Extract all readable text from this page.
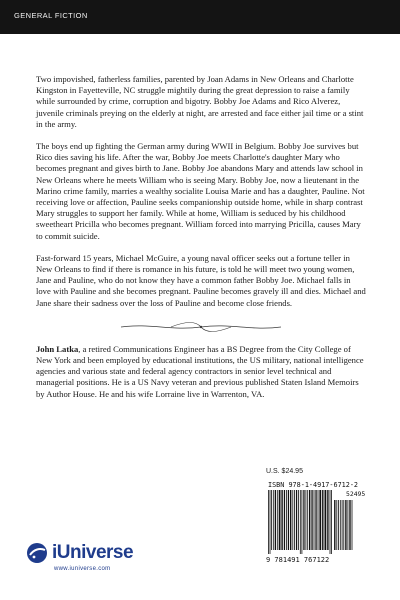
GENERAL FICTION

Two impovished, fatherless families, parented by Joan Adams in New Orleans and Charlotte Kingston in Fayetteville, NC struggle mightily during the great depression to raise a family while surrounded by crime, corruption and bigotry. Bobby Joe Adams and Rico Alverez, juvenile criminals preying on the elderly at night, are arrested and face either jail time or a stint in the army.

The boys end up fighting the German army during WWII in Belgium. Bobby Joe survives but Rico dies saving his life. After the war, Bobby Joe meets Charlotte's daughter Mary who becomes pregnant and gives birth to Jane. Bobby Joe abandons Mary and attends law school in New Orleans where he meets William who is seeing Mary. Bobby Joe, now a lieutenant in the Marino crime family, marries a wealthy socialite Louisa Marie and has a daughter, Pauline. Not receiving love or affection, Pauline seeks companionship outside home, while in sharp contrast Mary struggles to support her family. While at home, William is seduced by his childhood sweetheart Pricilla who becomes pregnant. William forced into marrying Pricilla, causes Mary to commit suicide.

Fast-forward 15 years, Michael McGuire, a young naval officer seeks out a fortune teller in New Orleans to find if there is romance in his future, is told he will meet two young women, Jane and Pauline, who do not know they have a common father Bobby Joe. Michael falls in love with Pauline and she becomes pregnant. Pauline becomes gravely ill and dies. Michael and Jane share their sadness over the loss of Pauline and become close friends.

John Latka, a retired Communications Engineer has a BS Degree from the City College of New York and been employed by educational institutions, the US military, national intelligence agencies and various state and federal agency contractors in senior level technical and managerial positions. He is a US Navy veteran and previous published Staten Island Memoirs by Author House. He and his wife Lorraine live in Warrenton, VA.

U.S. $24.95
ISBN 978-1-4917-6712-2
52495
9 781491 767122
iUniverse
www.iuniverse.com
